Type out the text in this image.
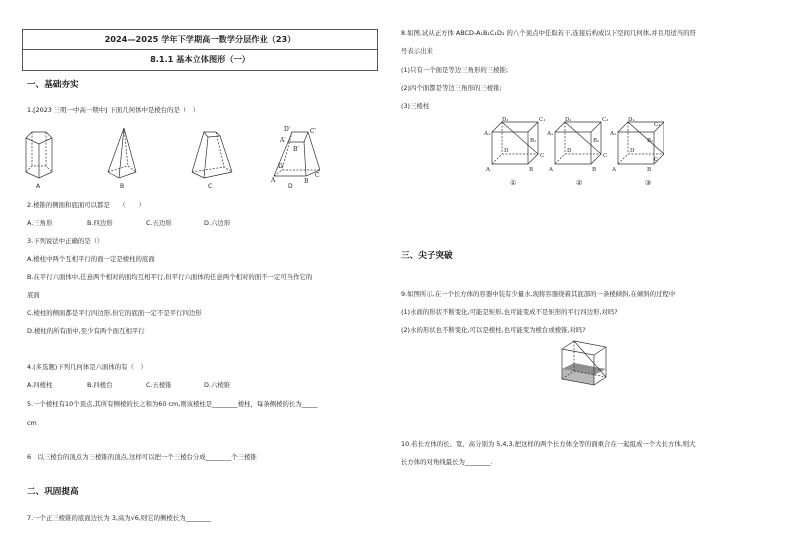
2024—2025 学年下学期高一数学分层作业（23）
8.1.1 基本立体图形（一）
一、基础夯实
1.[2023 三明一中高一期中] 下面几何体中是棱台的是（　）
D′	C′
A′
B′
D
C
A	B
A	B	C	D
2.棱锥的侧面和底面可以都是　　（　　）
A.三角形	B.四边形	C.五边形	D.六边形
3.下列说法中正确的是（）
A.棱柱中两个互相平行的面一定是棱柱的底面
B.在平行六面体中,任意两个相对的面均互相平行,但平行六面体的任意两个相对的面不一定可当作它的
底面
C.棱柱的侧面都是平行四边形,但它的底面一定不是平行四边形
D.棱柱的所有面中,至少有两个面互相平行
4.(多选题)下列几何体是六面体的有（　）
A.四棱柱	B.四棱台	C.五棱锥	D.六棱锥
5.一个棱柱有10个顶点,其所有侧棱的长之和为60 cm,则该棱柱是________棱柱，每条侧棱的长为_____
cm
6　以三棱台的顶点为三棱锥的顶点,这样可以把一个三棱台分成________个三棱锥
二、巩固提高
7.一个正三棱锥的底面边长为 3,高为√6,则它的侧棱长为________
8.如图,试从正方体 ABCD-A₁B₁C₁D₁ 的八个顶点中任取若干,连接后构成以下空间几何体,并且用适当的符
号表示出来
(1)只有一个面是等边三角形的三棱锥;
(2)四个面都是等边三角形的三棱锥;
(3)三棱柱
D₁	C₁
A₁
B₁
D
C
A	B
D₁	C₁
A₁
B₁
D
C
A	B
D₁
C₁
A₁
B₁
D
C
A	B
①	②	③
三、尖子突破
9.如图所示,在一个长方体的容器中装有少量水,现将容器绕着其底部的一条棱倾斜,在倾斜的过程中
(1)水面的形状不断变化,可能是矩形,也可能变成不是矩形的平行四边形,对吗?
(2)水的形状也不断变化,可以是棱柱,也可能变为棱台或棱锥,对吗?
10.若长方体的长、宽、高分别为 5,4,3,把这样的两个长方体全等的面重合在一起组成一个大长方体,则大
长方体的对角线最长为________.
